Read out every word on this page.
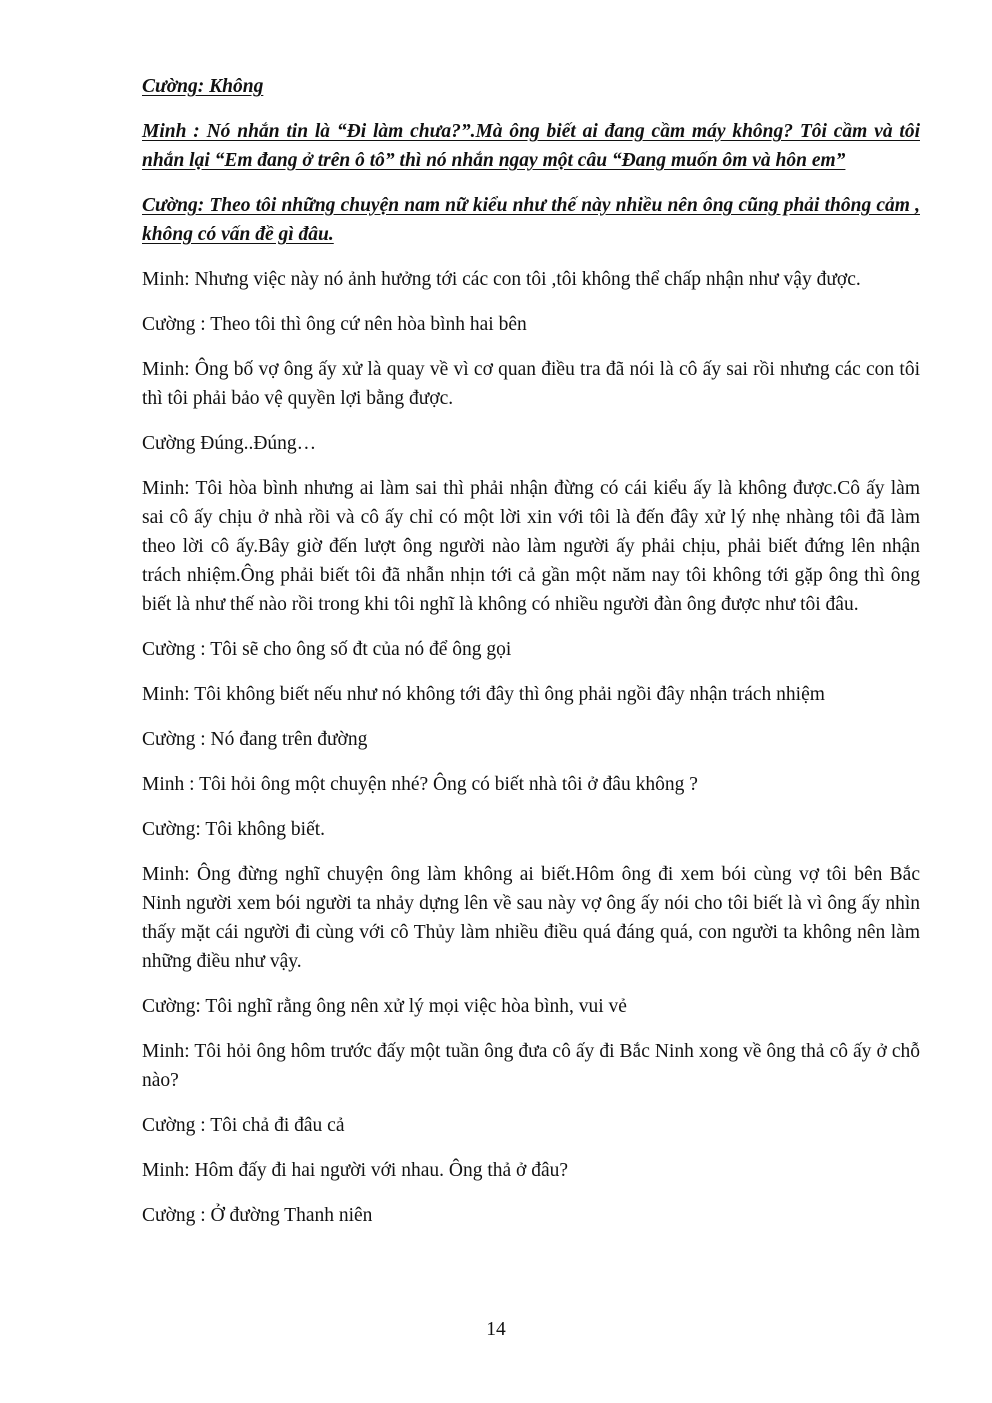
Cường: Không

Minh : Nó nhắn tin là “Đi làm chưa?”.Mà ông biết ai đang cầm máy không? Tôi cầm và tôi nhắn lại “Em đang ở trên ô tô” thì nó nhắn ngay một câu “Đang muốn ôm và hôn em”

Cường: Theo tôi những chuyện nam nữ kiểu như thế này nhiều nên ông cũng phải thông cảm , không có vấn đề gì đâu.

Minh: Nhưng việc này nó ảnh hưởng tới các con tôi ,tôi không thể chấp nhận như vậy được.

Cường : Theo tôi thì ông cứ nên hòa bình hai bên

Minh: Ông bố vợ ông ấy xử là quay về vì cơ quan điều tra đã nói là cô ấy sai rồi nhưng các con tôi thì tôi phải bảo vệ quyền lợi bằng được.

Cường Đúng..Đúng…

Minh: Tôi hòa bình nhưng ai làm sai thì phải nhận đừng có cái kiểu ấy là không được.Cô ấy làm sai cô ấy chịu ở nhà rồi và cô ấy chỉ có một lời xin với tôi là đến đây xử lý nhẹ nhàng tôi đã làm theo lời cô ấy.Bây giờ đến lượt ông người nào làm người ấy phải chịu, phải biết đứng lên nhận trách nhiệm.Ông phải biết tôi đã nhẫn nhịn tới cả gần một năm nay tôi không tới gặp ông thì ông biết là như thế nào rồi trong khi tôi nghĩ là không có nhiều người đàn ông được như tôi đâu.

Cường : Tôi sẽ cho ông số đt của nó để ông gọi

Minh: Tôi không biết nếu như nó không tới đây thì ông phải ngồi đây nhận trách nhiệm

Cường : Nó đang trên đường

Minh : Tôi hỏi ông một chuyện nhé? Ông có biết nhà tôi ở đâu không ?

Cường: Tôi không biết.

Minh: Ông đừng nghĩ chuyện ông làm không ai biết.Hôm ông đi xem bói cùng vợ tôi bên Bắc Ninh người xem bói người ta nhảy dựng lên về sau này vợ ông ấy nói cho tôi biết là vì ông ấy nhìn thấy mặt cái người đi cùng với cô Thủy làm nhiều điều quá đáng quá, con người ta không nên làm những điều như vậy.

Cường: Tôi nghĩ rằng ông nên xử lý mọi việc hòa bình, vui vẻ

Minh: Tôi hỏi ông hôm trước đấy một tuần ông đưa cô ấy đi Bắc Ninh xong về ông thả cô ấy ở chỗ nào?

Cường : Tôi chả đi đâu cả

Minh: Hôm đấy đi hai người với nhau. Ông thả ở đâu?

Cường : Ở đường Thanh niên

14
